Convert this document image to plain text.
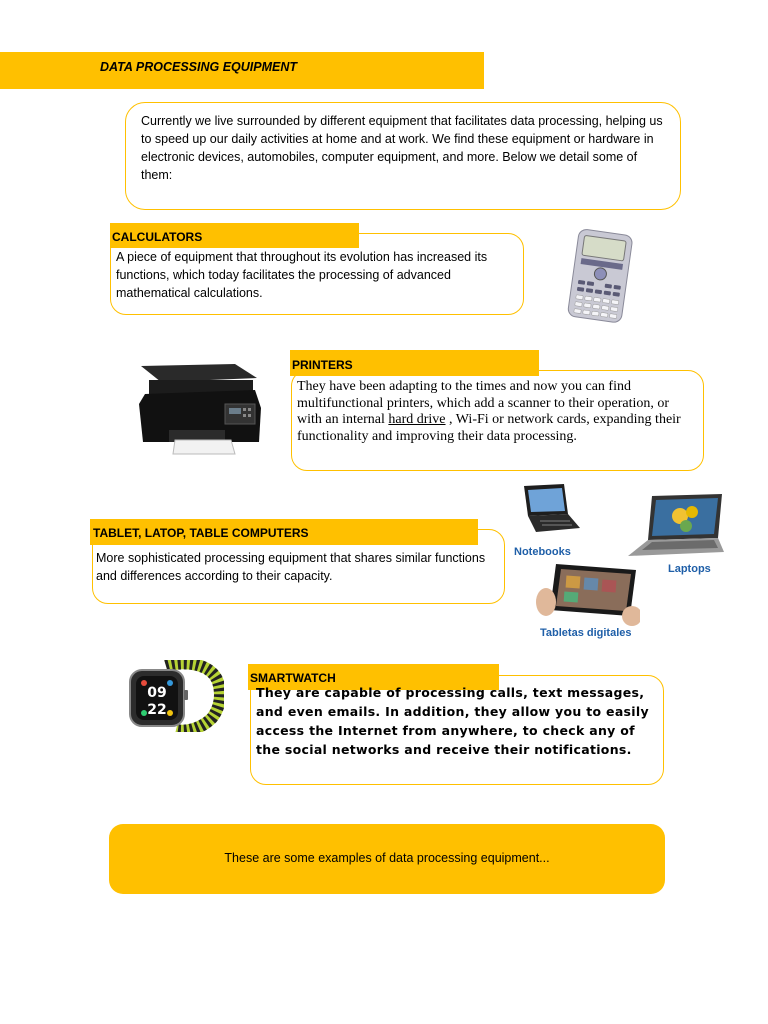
DATA PROCESSING EQUIPMENT
Currently we live surrounded by different equipment that facilitates data processing, helping us to speed up our daily activities at home and at work. We find these equipment or hardware in electronic devices, automobiles, computer equipment, and more. Below we detail some of them:
CALCULATORS
A piece of equipment that throughout its evolution has increased its functions, which today facilitates the processing of advanced mathematical calculations.
PRINTERS
They have been adapting to the times and now you can find multifunctional printers, which add a scanner to their operation, or with an internal hard drive , Wi-Fi or network cards, expanding their functionality and improving their data processing.
Notebooks
Laptops
Tabletas digitales
TABLET, LATOP, TABLE COMPUTERS
More sophisticated processing equipment that shares similar functions and differences according to their capacity.
09
22
SMARTWATCH
They are capable of processing calls, text messages, and even emails. In addition, they allow you to easily access the Internet from anywhere, to check any of the social networks and receive their notifications.
These are some examples of data processing equipment...
